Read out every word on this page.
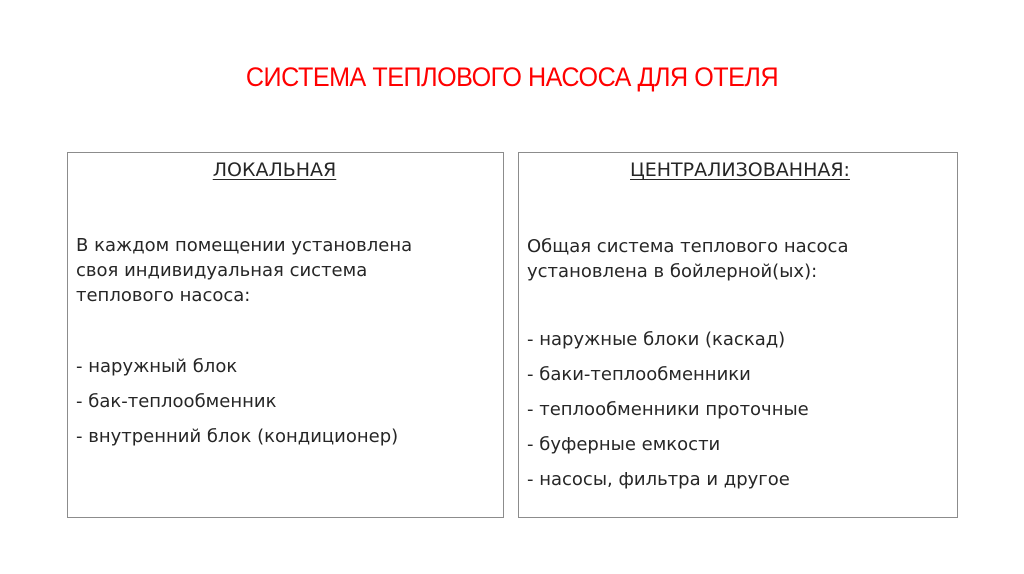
СИСТЕМА ТЕПЛОВОГО НАСОСА ДЛЯ ОТЕЛЯ
ЛОКАЛЬНАЯ
В каждом помещении установлена
своя индивидуальная система
теплового насоса:
- наружный блок
- бак-теплообменник
- внутренний блок (кондиционер)
ЦЕНТРАЛИЗОВАННАЯ:
Общая система теплового насоса
установлена в бойлерной(ых):
- наружные блоки (каскад)
- баки-теплообменники
- теплообменники проточные
- буферные емкости
- насосы, фильтра и другое
